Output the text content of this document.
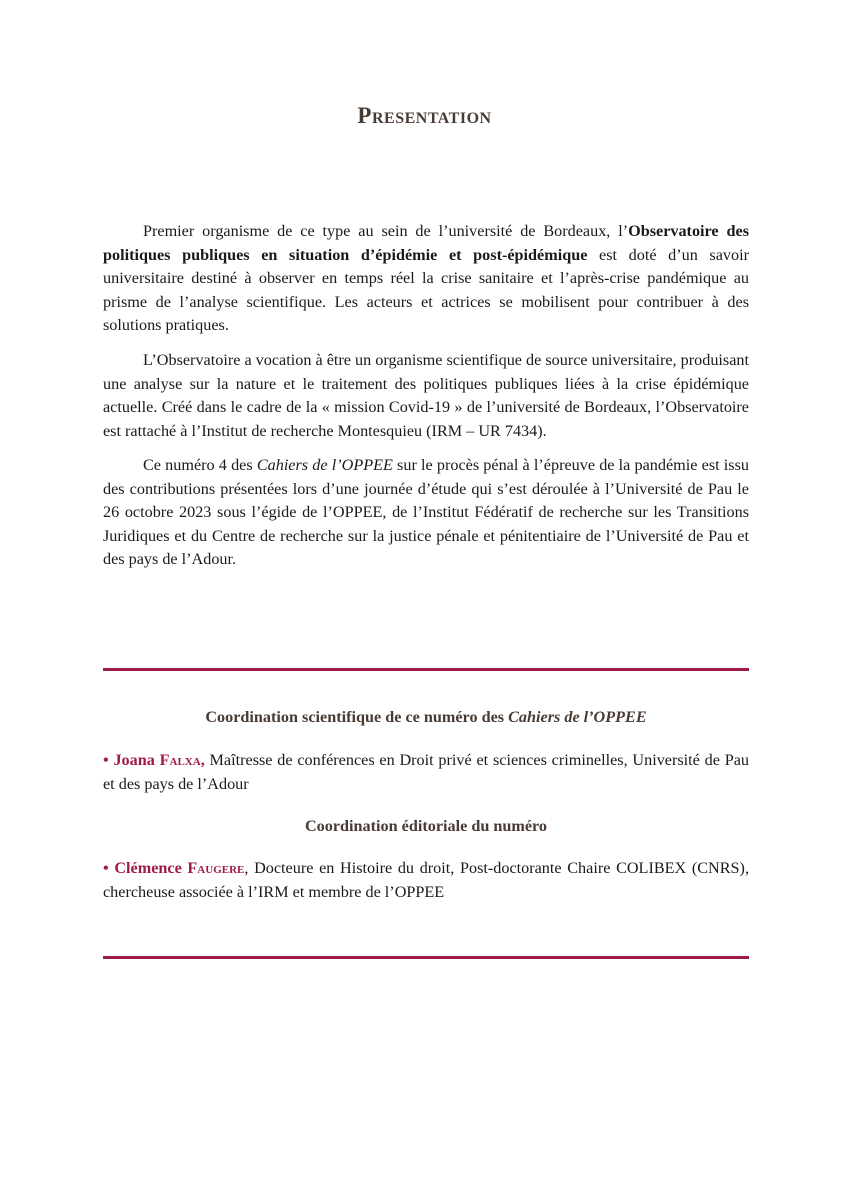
Presentation

Premier organisme de ce type au sein de l’université de Bordeaux, l’Observatoire des politiques publiques en situation d’épidémie et post-épidémique est doté d’un savoir universitaire destiné à observer en temps réel la crise sanitaire et l’après-crise pandémique au prisme de l’analyse scientifique. Les acteurs et actrices se mobilisent pour contribuer à des solutions pratiques.

L’Observatoire a vocation à être un organisme scientifique de source universitaire, produisant une analyse sur la nature et le traitement des politiques publiques liées à la crise épidémique actuelle. Créé dans le cadre de la « mission Covid-19 » de l’université de Bordeaux, l’Observatoire est rattaché à l’Institut de recherche Montesquieu (IRM – UR 7434).

Ce numéro 4 des Cahiers de l’OPPEE sur le procès pénal à l’épreuve de la pandémie est issu des contributions présentées lors d’une journée d’étude qui s’est déroulée à l’Université de Pau le 26 octobre 2023 sous l’égide de l’OPPEE, de l’Institut Fédératif de recherche sur les Transitions Juridiques et du Centre de recherche sur la justice pénale et pénitentiaire de l’Université de Pau et des pays de l’Adour.

Coordination scientifique de ce numéro des Cahiers de l’OPPEE

• Joana Falxa, Maîtresse de conférences en Droit privé et sciences criminelles, Université de Pau et des pays de l’Adour

Coordination éditoriale du numéro

• Clémence Faugere, Docteure en Histoire du droit, Post-doctorante Chaire COLIBEX (CNRS), chercheuse associée à l’IRM et membre de l’OPPEE
